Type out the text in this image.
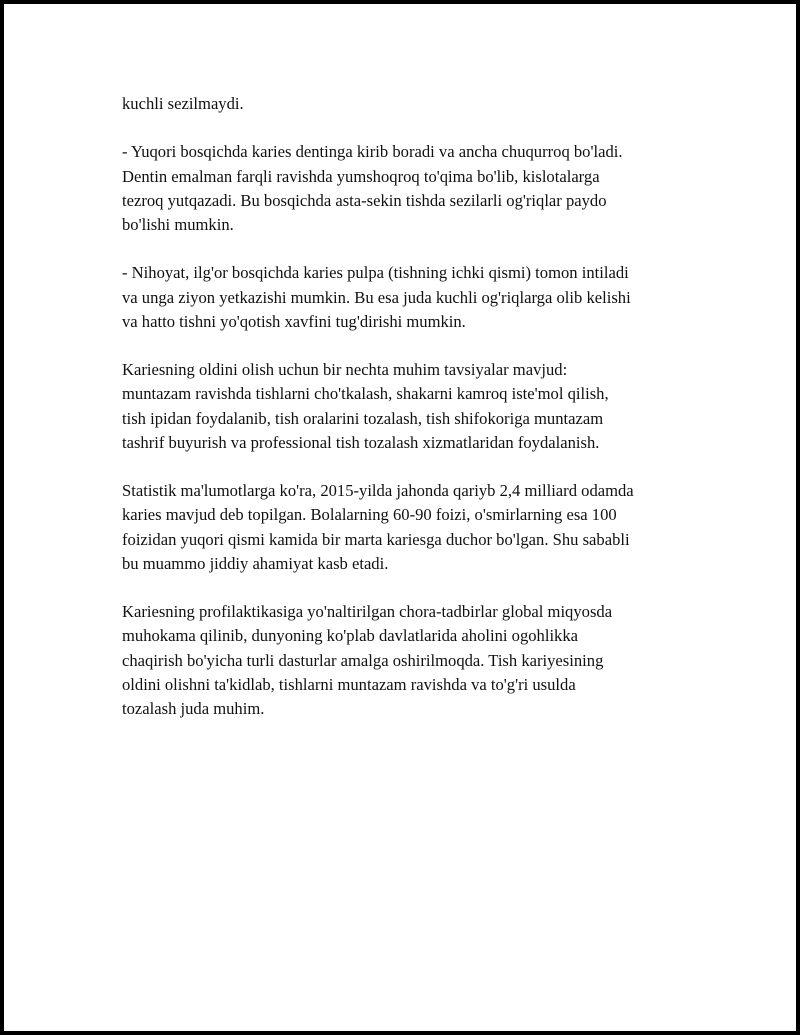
kuchli sezilmaydi.

- Yuqori bosqichda karies dentinga kirib boradi va ancha chuqurroq bo'ladi.
Dentin emalman farqli ravishda yumshoqroq to'qima bo'lib, kislotalarga
tezroq yutqazadi. Bu bosqichda asta-sekin tishda sezilarli og'riqlar paydo
bo'lishi mumkin.

- Nihoyat, ilg'or bosqichda karies pulpa (tishning ichki qismi) tomon intiladi
va unga ziyon yetkazishi mumkin. Bu esa juda kuchli og'riqlarga olib kelishi
va hatto tishni yo'qotish xavfini tug'dirishi mumkin.

Kariesning oldini olish uchun bir nechta muhim tavsiyalar mavjud:
muntazam ravishda tishlarni cho'tkalash, shakarni kamroq iste'mol qilish,
tish ipidan foydalanib, tish oralarini tozalash, tish shifokoriga muntazam
tashrif buyurish va professional tish tozalash xizmatlaridan foydalanish.

Statistik ma'lumotlarga ko'ra, 2015-yilda jahonda qariyb 2,4 milliard odamda
karies mavjud deb topilgan. Bolalarning 60-90 foizi, o'smirlarning esa 100
foizidan yuqori qismi kamida bir marta kariesga duchor bo'lgan. Shu sababli
bu muammo jiddiy ahamiyat kasb etadi.

Kariesning profilaktikasiga yo'naltirilgan chora-tadbirlar global miqyosda
muhokama qilinib, dunyoning ko'plab davlatlarida aholini ogohlikka
chaqirish bo'yicha turli dasturlar amalga oshirilmoqda. Tish kariyesining
oldini olishni ta'kidlab, tishlarni muntazam ravishda va to'g'ri usulda
tozalash juda muhim.
